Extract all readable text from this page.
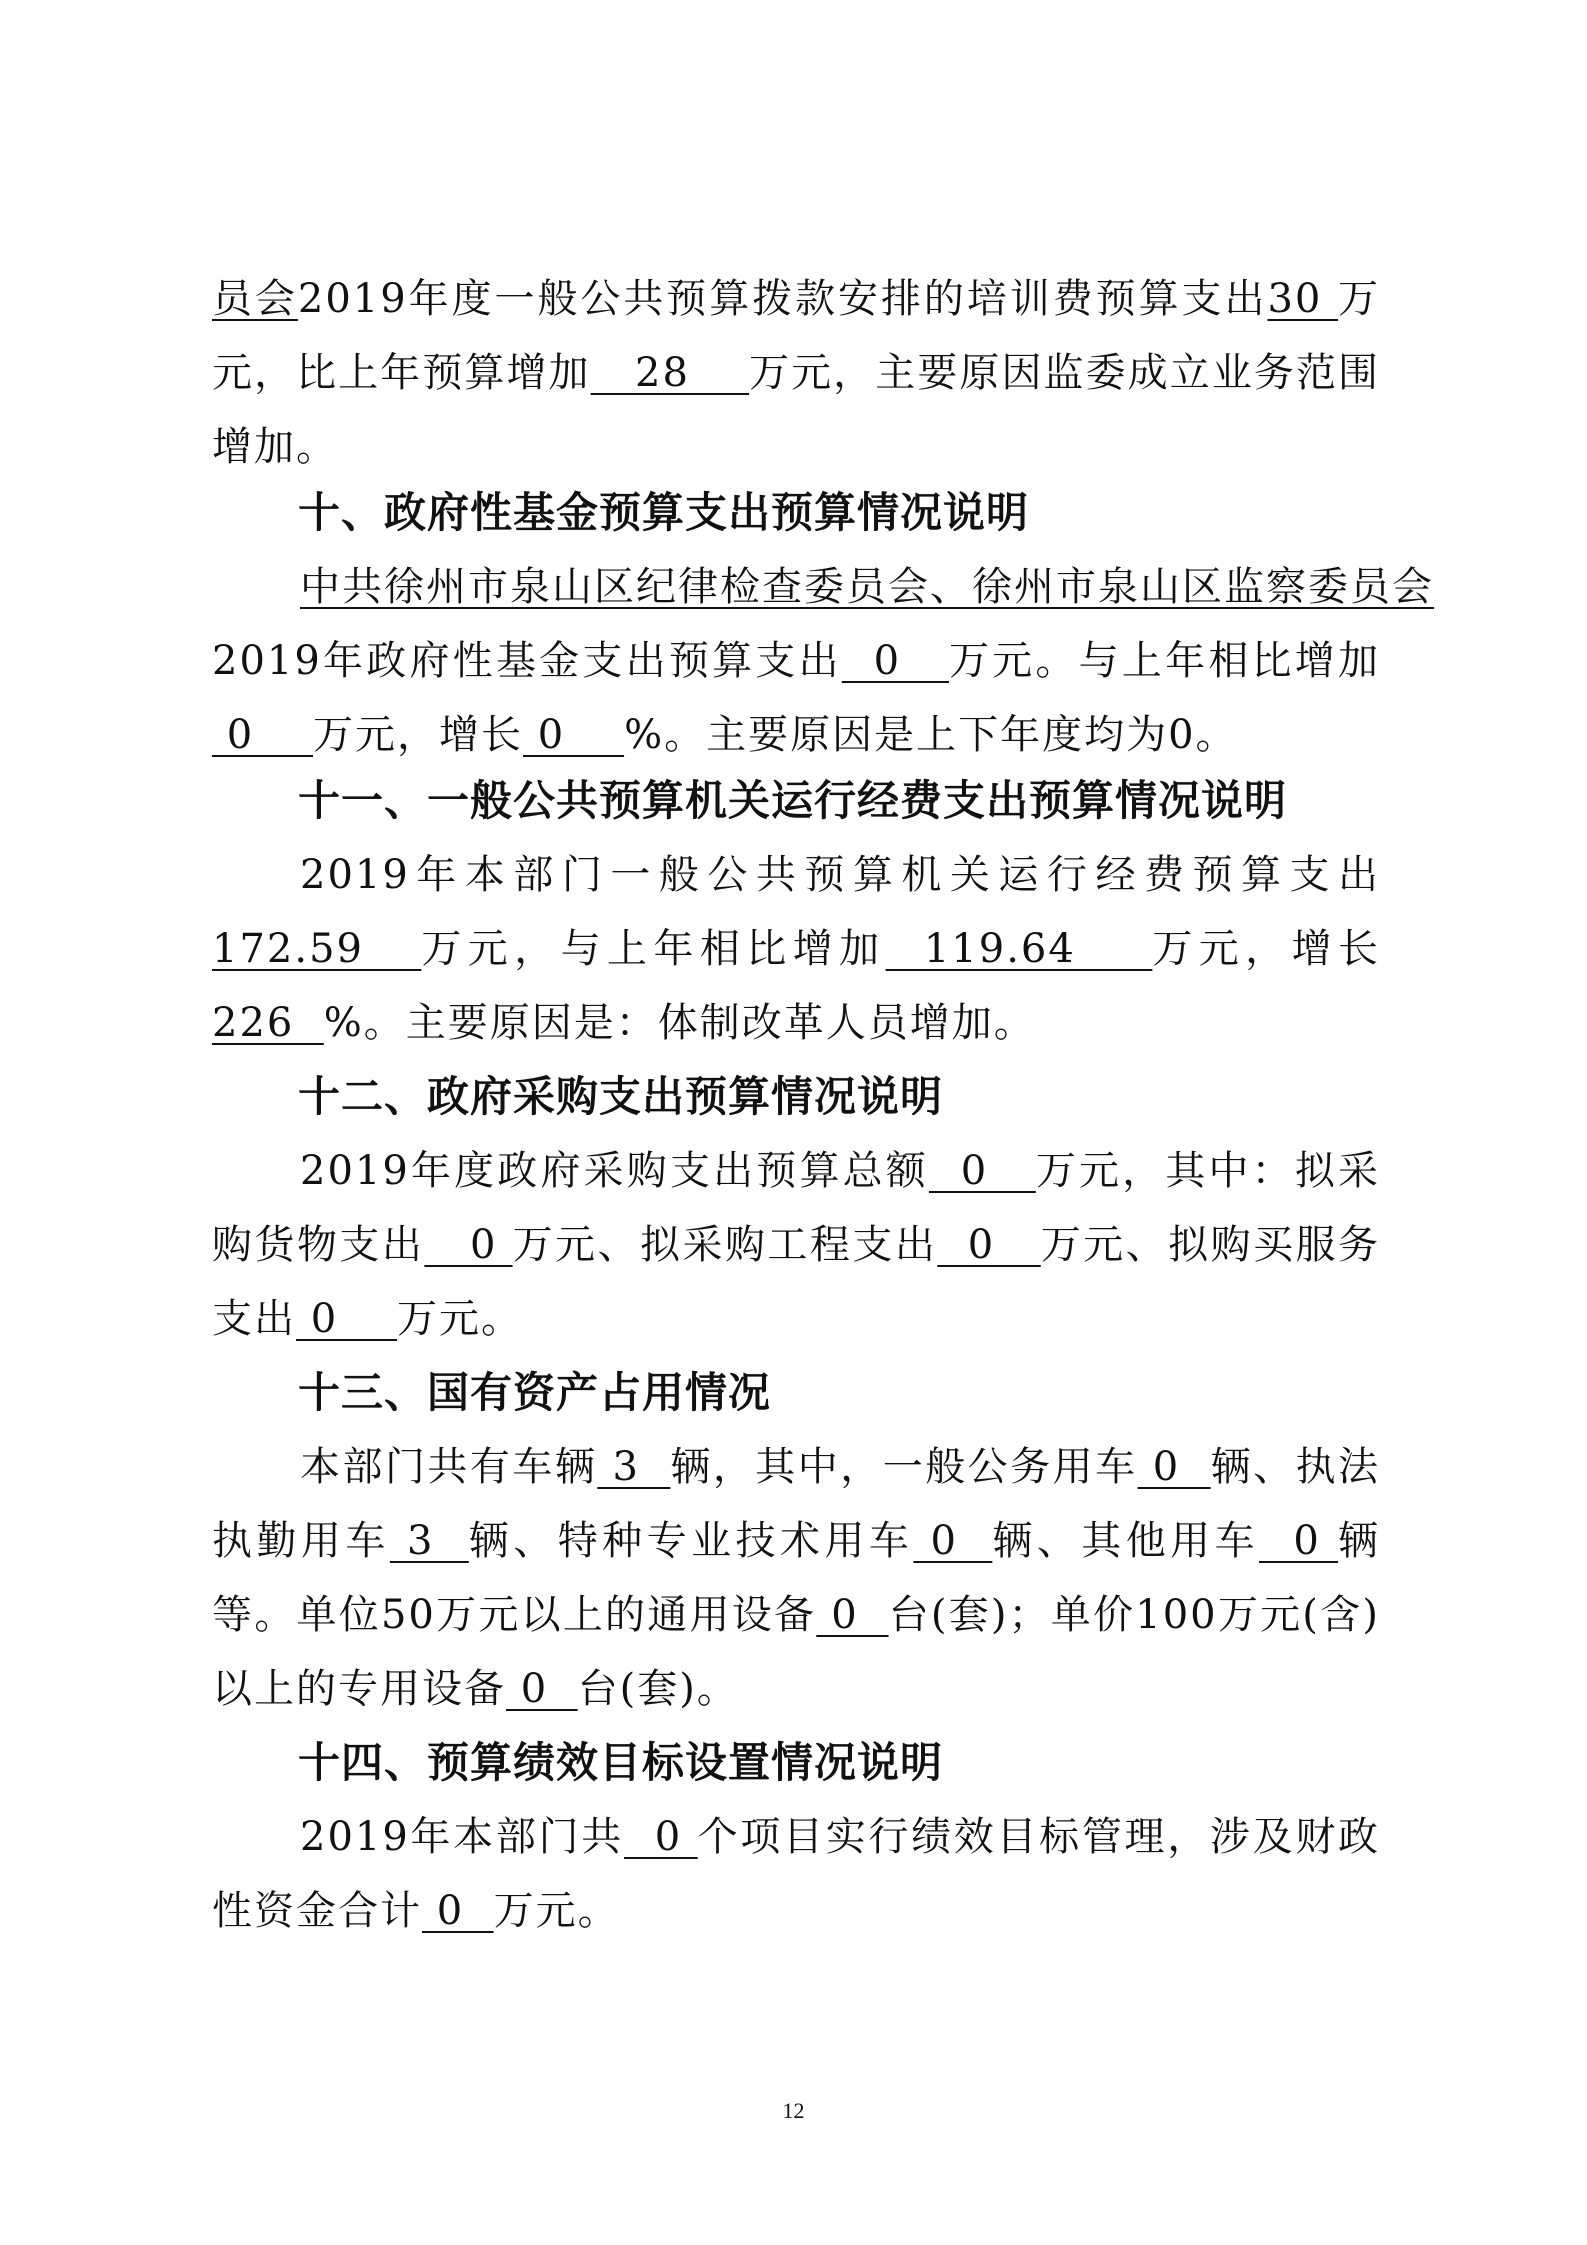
员会2019年度一般公共预算拨款安排的培训费预算支出30 万元，比上年预算增加   28    万元，主要原因监委成立业务范围增加。

十、政府性基金预算支出预算情况说明

中共徐州市泉山区纪律检查委员会、徐州市泉山区监察委员会2019年政府性基金支出预算支出  0   万元。与上年相比增加 0    万元，增长 0    %。主要原因是上下年度均为0。

十一、一般公共预算机关运行经费支出预算情况说明

2019年本部门一般公共预算机关运行经费预算支出172.59   万元，与上年相比增加  119.64    万元，增长226  %。主要原因是：体制改革人员增加。

十二、政府采购支出预算情况说明

2019年度政府采购支出预算总额  0   万元，其中：拟采购货物支出   0 万元、拟采购工程支出  0   万元、拟购买服务支出 0    万元。

十三、国有资产占用情况

本部门共有车辆 3  辆，其中，一般公务用车 0  辆、执法执勤用车 3  辆、特种专业技术用车 0  辆、其他用车  0 辆等。单位50万元以上的通用设备 0  台(套)；单价100万元(含)以上的专用设备 0  台(套)。

十四、预算绩效目标设置情况说明

2019年本部门共  0 个项目实行绩效目标管理，涉及财政性资金合计 0  万元。

12
